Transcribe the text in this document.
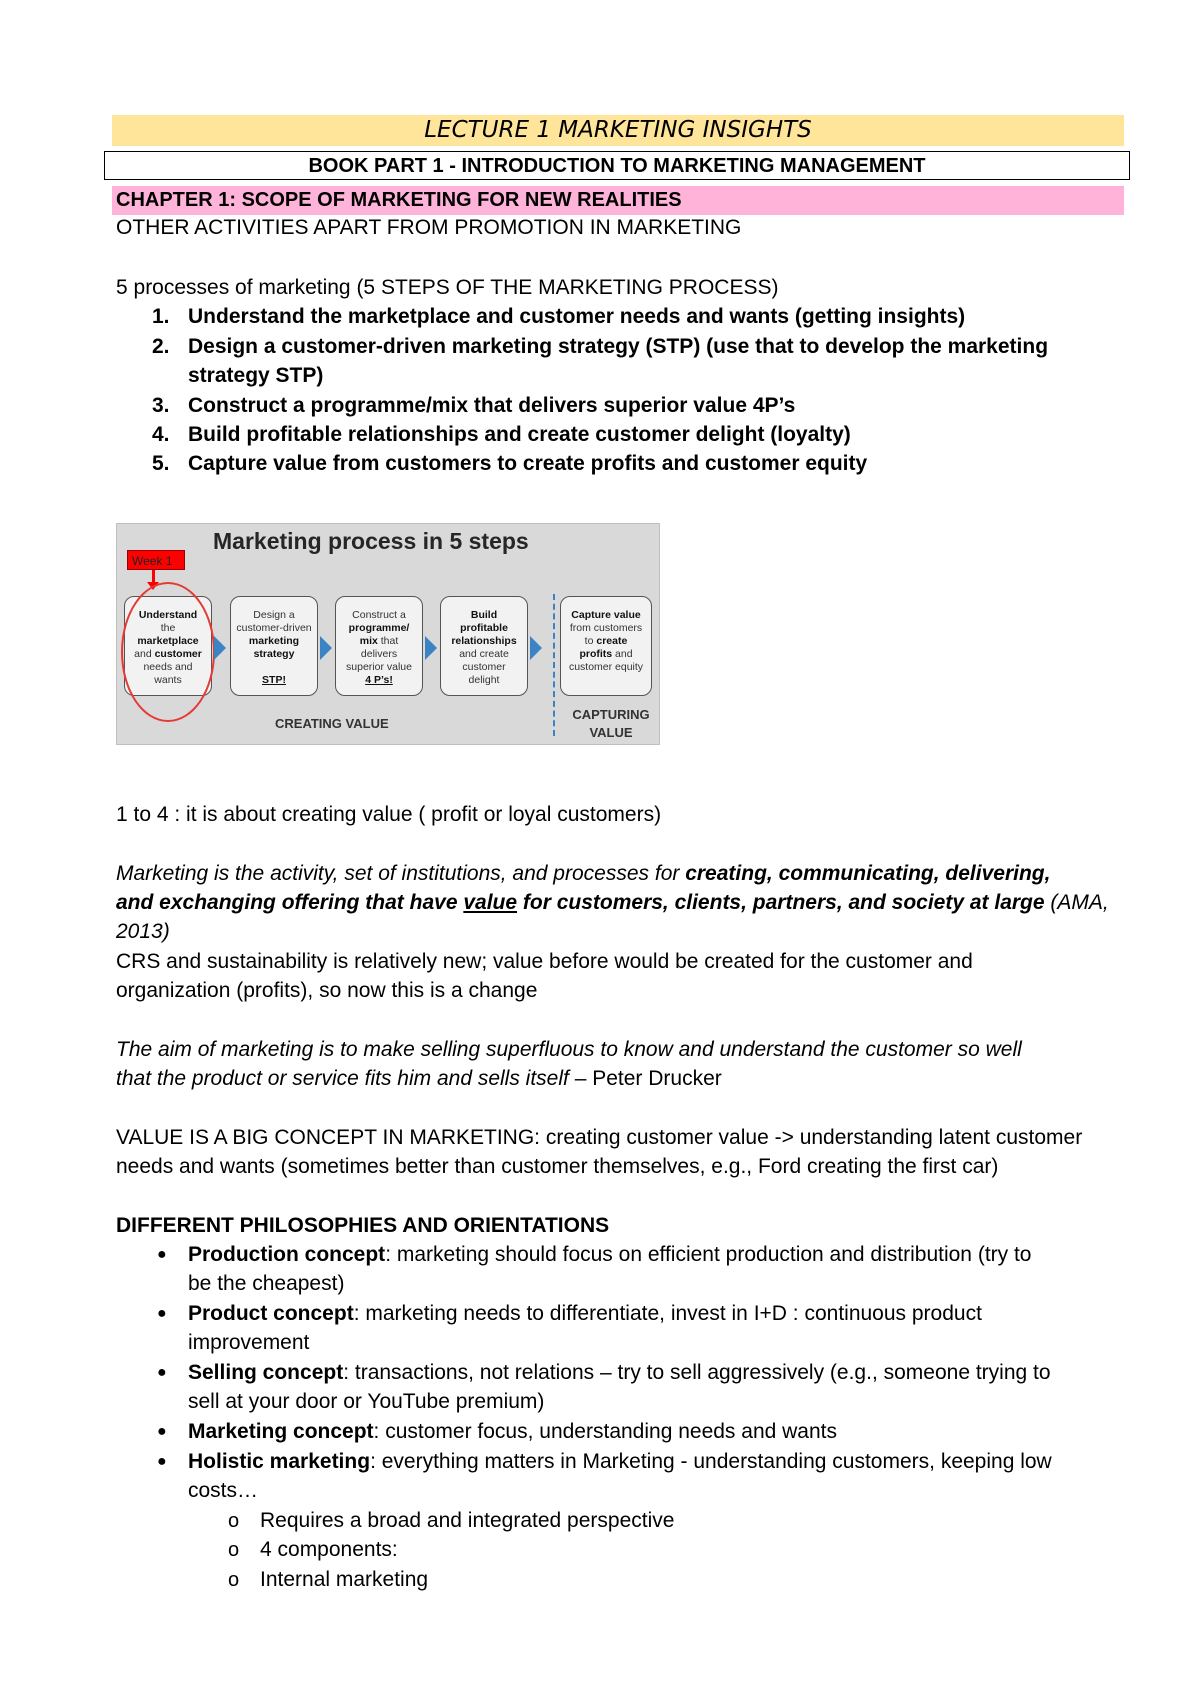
LECTURE 1 MARKETING INSIGHTS
BOOK PART 1 - INTRODUCTION TO MARKETING MANAGEMENT
CHAPTER 1: SCOPE OF MARKETING FOR NEW REALITIES
OTHER ACTIVITIES APART FROM PROMOTION IN MARKETING
5 processes of marketing (5 STEPS OF THE MARKETING PROCESS)
1. Understand the marketplace and customer needs and wants (getting insights)
2. Design a customer-driven marketing strategy (STP) (use that to develop the marketing
strategy STP)
3. Construct a programme/mix that delivers superior value 4P’s
4. Build profitable relationships and create customer delight (loyalty)
5. Capture value from customers to create profits and customer equity
Marketing process in 5 steps
Week 1
Understand
the
marketplace
and customer
needs and
wants
Design a
customer-driven
marketing
strategy

STP!
Construct a
programme/
mix that
delivers
superior value
4 P’s!
Build
profitable
relationships
and create
customer
delight
Capture value
from customers
to create
profits and
customer equity
CREATING VALUE
CAPTURING
VALUE
1 to 4 : it is about creating value ( profit or loyal customers)
Marketing is the activity, set of institutions, and processes for creating, communicating, delivering,
and exchanging offering that have value for customers, clients, partners, and society at large (AMA,
2013)
CRS and sustainability is relatively new; value before would be created for the customer and
organization (profits), so now this is a change
The aim of marketing is to make selling superfluous to know and understand the customer so well
that the product or service fits him and sells itself – Peter Drucker
VALUE IS A BIG CONCEPT IN MARKETING: creating customer value -> understanding latent customer
needs and wants (sometimes better than customer themselves, e.g., Ford creating the first car)
DIFFERENT PHILOSOPHIES AND ORIENTATIONS
● Production concept: marketing should focus on efficient production and distribution (try to
be the cheapest)
● Product concept: marketing needs to differentiate, invest in I+D : continuous product
improvement
● Selling concept: transactions, not relations – try to sell aggressively (e.g., someone trying to
sell at your door or YouTube premium)
● Marketing concept: customer focus, understanding needs and wants
● Holistic marketing: everything matters in Marketing - understanding customers, keeping low
costs…
o Requires a broad and integrated perspective
o 4 components:
o Internal marketing
